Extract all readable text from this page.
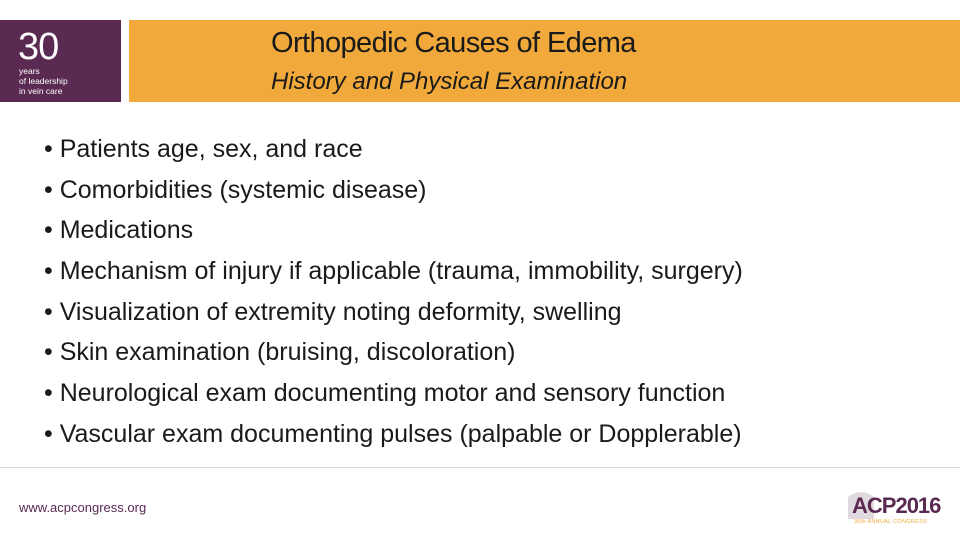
30
years
of leadership
in vein care
Orthopedic Causes of Edema
History and Physical Examination
• Patients age, sex, and race
• Comorbidities (systemic disease)
• Medications
• Mechanism of injury if applicable (trauma, immobility, surgery)
• Visualization of extremity noting deformity, swelling
• Skin examination (bruising, discoloration)
• Neurological exam documenting motor and sensory function
• Vascular exam documenting pulses (palpable or Dopplerable)
www.acpcongress.org	ACP2016
30th ANNUAL CONGRESS
